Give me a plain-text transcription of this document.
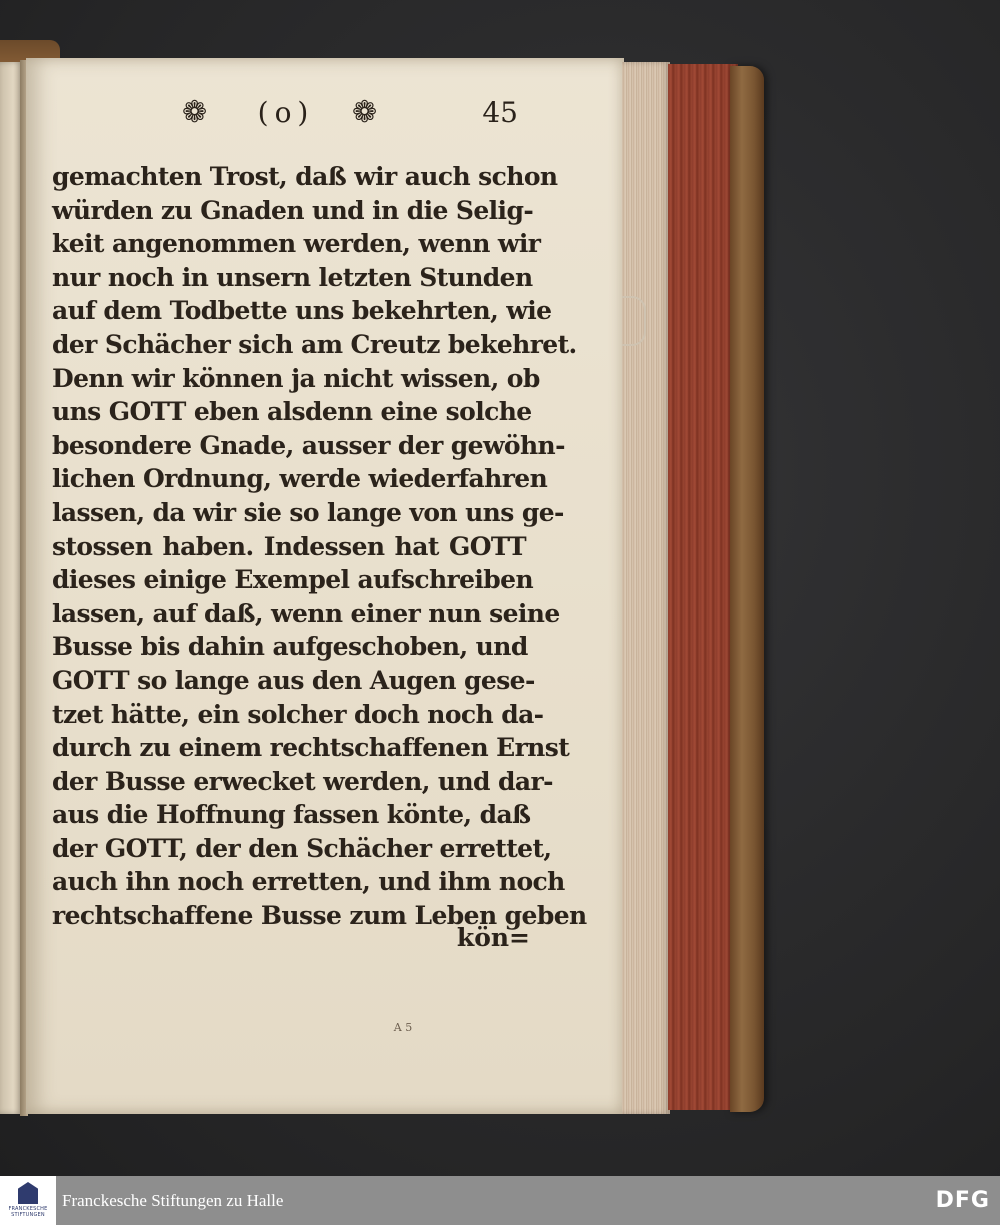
❁	(o)	❁	45
gemachten Trost, daß wir auch schon
würden zu Gnaden und in die Selig-
keit angenommen werden, wenn wir
nur noch in unsern letzten Stunden
auf dem Todbette uns bekehrten, wie
der Schächer sich am Creutz bekehret.
Denn wir können ja nicht wissen, ob
uns GOTT eben alsdenn eine solche
besondere Gnade, ausser der gewöhn-
lichen Ordnung, werde wiederfahren
lassen, da wir sie so lange von uns ge-
stossen haben. Indessen hat GOTT
dieses einige Exempel aufschreiben
lassen, auf daß, wenn einer nun seine
Busse bis dahin aufgeschoben, und
GOTT so lange aus den Augen gese-
tzet hätte, ein solcher doch noch da-
durch zu einem rechtschaffenen Ernst
der Busse erwecket werden, und dar-
aus die Hoffnung fassen könte, daß
der GOTT, der den Schächer errettet,
auch ihn noch erretten, und ihm noch
rechtschaffene Busse zum Leben geben
kön=
A 5
FRANCKESCHE STIFTUNGEN
Franckesche Stiftungen zu Halle	DFG
